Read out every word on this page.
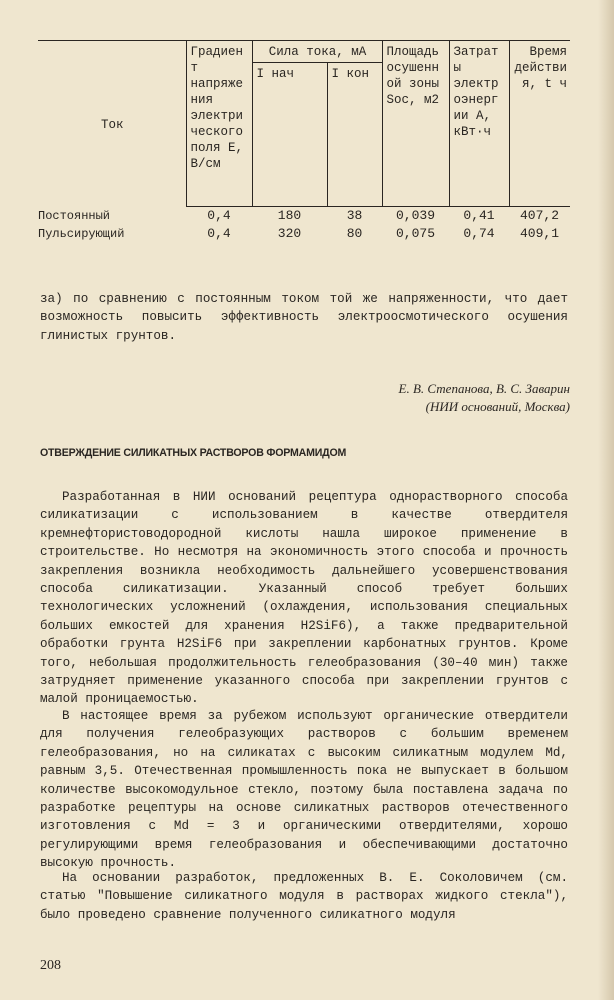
Ток	Градиент напряжения электрического поля E, В/см	Сила тока, мА		Площадь осушенной зоны Sос, м2	Затраты электроэнергии A, кВт·ч	Время действия, t ч
		I нач	I кон			
Постоянный	0,4	180	38	0,039	0,41	407,2
Пульсирующий	0,4	320	80	0,075	0,74	409,1

за) по сравнению с постоянным током той же напряженности, что дает возможность повысить эффективность электроосмотического осушения глинистых грунтов.

Е. В. Степанова, В. С. Заварин
(НИИ оснований, Москва)
ОТВЕРЖДЕНИЕ СИЛИКАТНЫХ РАСТВОРОВ ФОРМАМИДОМ

Разработанная в НИИ оснований рецептура однорастворного способа силикатизации с использованием в качестве отвердителя кремнефтористоводородной кислоты нашла широкое применение в строительстве. Но несмотря на экономичность этого способа и прочность закрепления возникла необходимость дальнейшего усовершенствования способа силикатизации. Указанный способ требует больших технологических усложнений (охлаждения, использования специальных больших емкостей для хранения H2SiF6), а также предварительной обработки грунта H2SiF6 при закреплении карбонатных грунтов. Кроме того, небольшая продолжительность гелеобразования (30–40 мин) также затрудняет применение указанного способа при закреплении грунтов с малой проницаемостью.

В настоящее время за рубежом используют органические отвердители для получения гелеобразующих растворов с большим временем гелеобразования, но на силикатах с высоким силикатным модулем Md, равным 3,5. Отечественная промышленность пока не выпускает в большом количестве высокомодульное стекло, поэтому была поставлена задача по разработке рецептуры на основе силикатных растворов отечественного изготовления с Md = 3 и органическими отвердителями, хорошо регулирующими время гелеобразования и обеспечивающими достаточно высокую прочность.

На основании разработок, предложенных В. Е. Соколовичем (см. статью "Повышение силикатного модуля в растворах жидкого стекла"), было проведено сравнение полученного силикатного модуля

208
